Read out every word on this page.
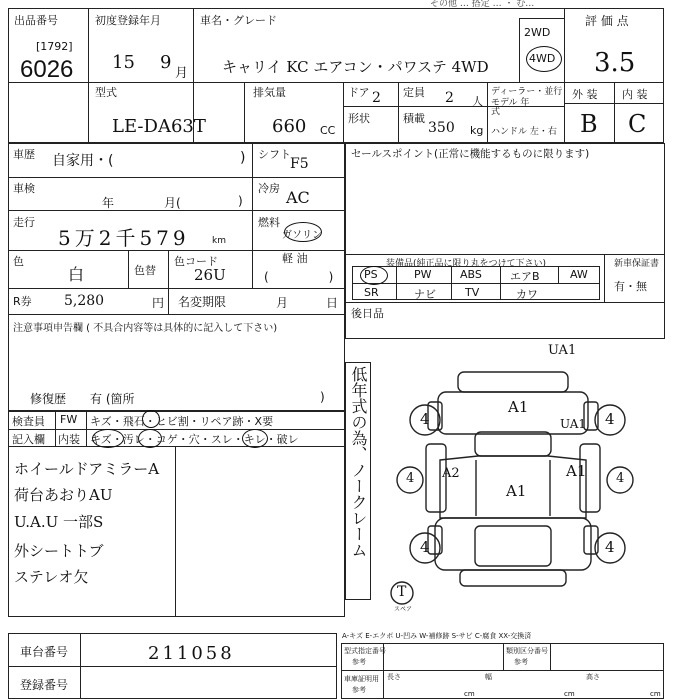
その他 … 搭定 … ・ む…
出品番号
[1792]
6026
初度登録年月
15 9
月
車名・グレード
キャリイ KC エアコン・パワステ 4WD
2WD
4WD
評 価 点
3.5
型式
LE-DA63T
排気量
660 CC
ドア 2 定員 2 人
ディーラー・並行
モデル 年式
ハンドル 左・右
形状	積載
350 kg
外 装 内 装
B C
車歴 自家用・(	) シフト
F5
車検
年	月(	)
冷房 AC
走行
5万2千579 km
燃料
ガソリン
軽 油
色
白	色替
色コード
26U	(　　　　　)
R券 5,280	円 名変期限	月	日
注意事項申告欄 ( 不具合内容等は具体的に記入して下さい)
修復歴 有 (箇所	)
セールスポイント(正常に機能するものに限ります)
装備品(純正品に限り丸をつけて下さい)	新車保証書
有・無
PS	PW	ABS	エアB	AW
SR	ナビ	TV	カワ
後日品
検査員
記入欄
FW キズ・飛石・ヒビ割・リペア跡・X要
内装 キズ・汚レ・コゲ・穴・スレ・キレ・破レ
ホイールドアミラーA
荷台あおりAU
U.A.U 一部S
外シートトブ
ステレオ欠
低年式の為、ノークレーム
UA1
A1
UA1
A2	A1
A1
4	4
4	4
4	4
T
スペア
A-キズ E-エクボ U-凹み W-補修跡 S-サビ C-腐食 XX-交換済
車台番号	211058
登録番号
型式指定番号
参考
類別区分番号
参考
車庫証明用
参考
長さ	幅	高さ
cm	cm	cm
